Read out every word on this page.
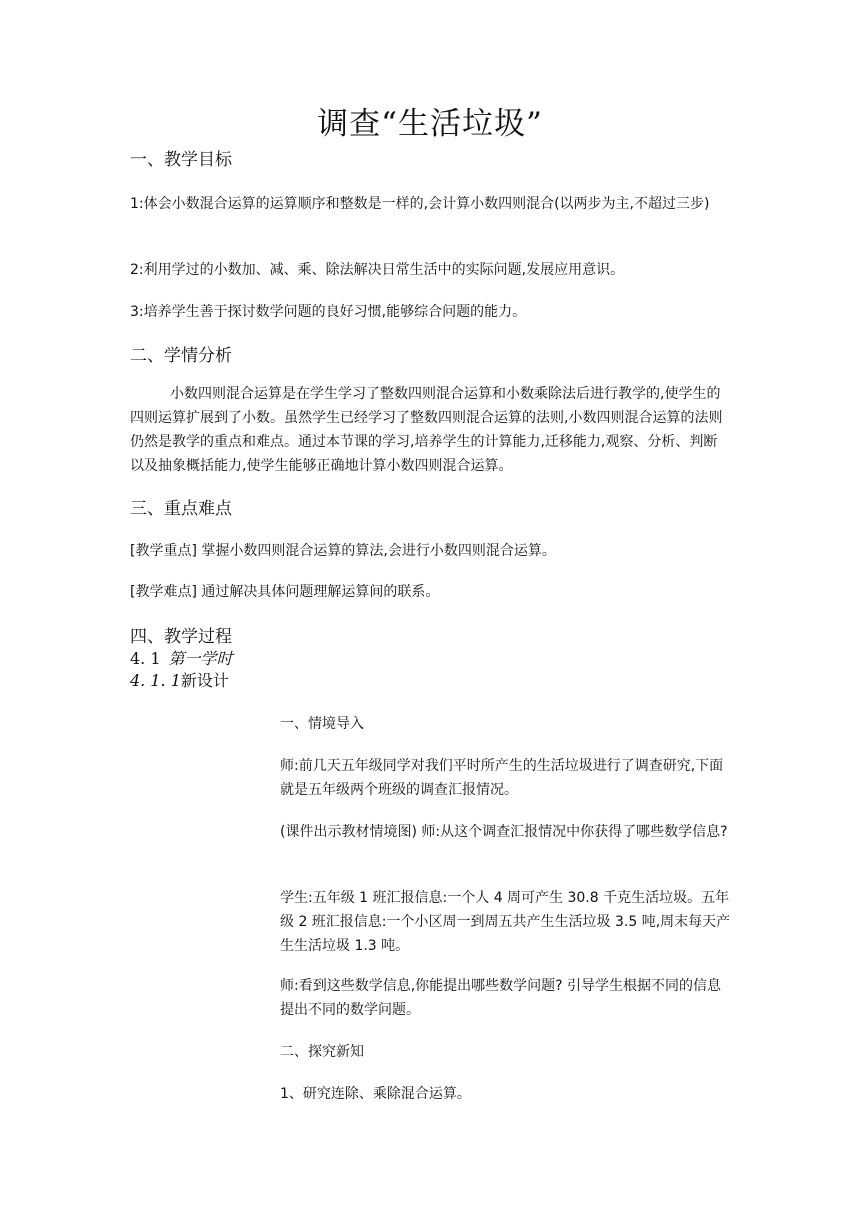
调查“生活垃圾”
一、教学目标
1:体会小数混合运算的运算顺序和整数是一样的,会计算小数四则混合(以两步为主,不超过三步)
2:利用学过的小数加、减、乘、除法解决日常生活中的实际问题,发展应用意识。
3:培养学生善于探讨数学问题的良好习惯,能够综合问题的能力。
二、学情分析
小数四则混合运算是在学生学习了整数四则混合运算和小数乘除法后进行教学的,使学生的四则运算扩展到了小数。虽然学生已经学习了整数四则混合运算的法则,小数四则混合运算的法则仍然是教学的重点和难点。通过本节课的学习,培养学生的计算能力,迁移能力,观察、分析、判断以及抽象概括能力,使学生能够正确地计算小数四则混合运算。
三、重点难点
[教学重点] 掌握小数四则混合运算的算法,会进行小数四则混合运算。
[教学难点] 通过解决具体问题理解运算间的联系。
四、教学过程
4. 1 第一学时
4. 1. 1新设计
一、情境导入
师:前几天五年级同学对我们平时所产生的生活垃圾进行了调查研究,下面就是五年级两个班级的调查汇报情况。
(课件出示教材情境图) 师:从这个调查汇报情况中你获得了哪些数学信息?
学生:五年级 1 班汇报信息:一个人 4 周可产生 30.8 千克生活垃圾。五年级 2 班汇报信息:一个小区周一到周五共产生生活垃圾 3.5 吨,周末每天产生生活垃圾 1.3 吨。
师:看到这些数学信息,你能提出哪些数学问题? 引导学生根据不同的信息提出不同的数学问题。
二、探究新知
1、研究连除、乘除混合运算。
